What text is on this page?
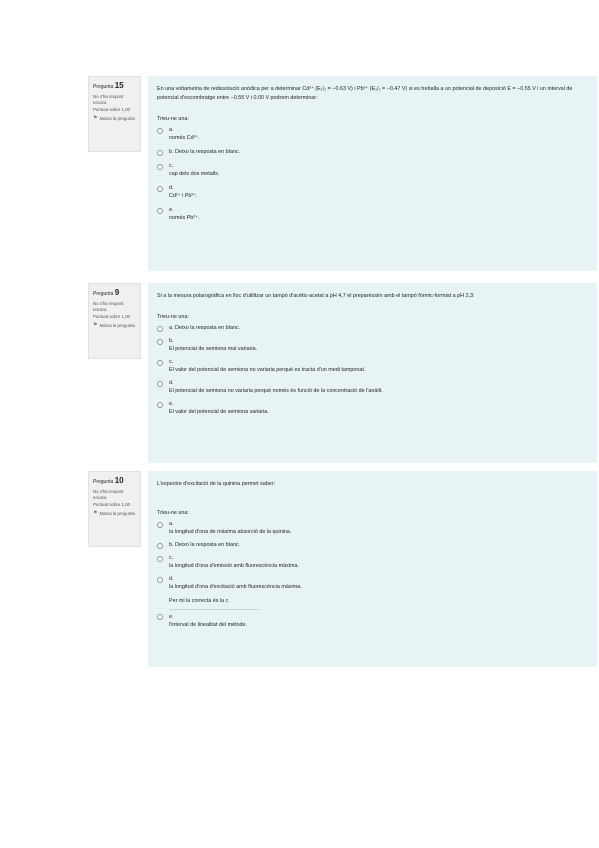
Pregunta 15
No s'ha respost encara
Puntuat sobre 1,00
⚑ Marca la pregunta
En una voltametria de redissolució anòdica per a determinar Cd²⁺ (E₁/₂ = −0.63 V) i Pb²⁺ (E₁/₂ = −0.47 V) si es treballa a un potencial de deposició E = −0.55 V i un interval de potencial d'escombratge entre −0.55 V i 0.00 V podrem determinar:
Trieu-ne una:
a.
només Cd²⁺.
b. Deixo la resposta en blanc.
c.
cap dels dos metalls.
d.
Cd²⁺ i Pb²⁺.
e.
només Pb²⁺.
Pregunta 9
No s'ha respost encara
Puntuat sobre 1,00
⚑ Marca la pregunta
Si a la mesura polarogràfica en lloc d'utilitzar un tampó d'acètic-acetat a pH 4,7 el preparéssim amb el tampó fòrmic-formiat a pH 2,3:
Trieu-ne una:
a. Deixo la resposta en blanc.
b.
El potencial de semiona mai variaria.
c.
El valor del potencial de semiona no variaria perquè es tracta d'un medi tamponat.
d.
El potencial de semiona no variaria perquè només és funció de la concentració de l'anàlit.
e.
El valor del potencial de semiona variaria.
Pregunta 10
No s'ha respost encara
Puntuat sobre 1,00
⚑ Marca la pregunta
L'espectre d'excitació de la quinina permet saber:
Trieu-ne una:
a.
la longitud d'ona de màxima absorció de la quinina.
b. Deixo la resposta en blanc.
c.
la longitud d'ona d'emissió amb fluorescència màxima.
d.
la longitud d'ona d'excitació amb fluorescència màxima.
Per mi la correcta és la c
e.
l'interval de linealitat del mètode.
